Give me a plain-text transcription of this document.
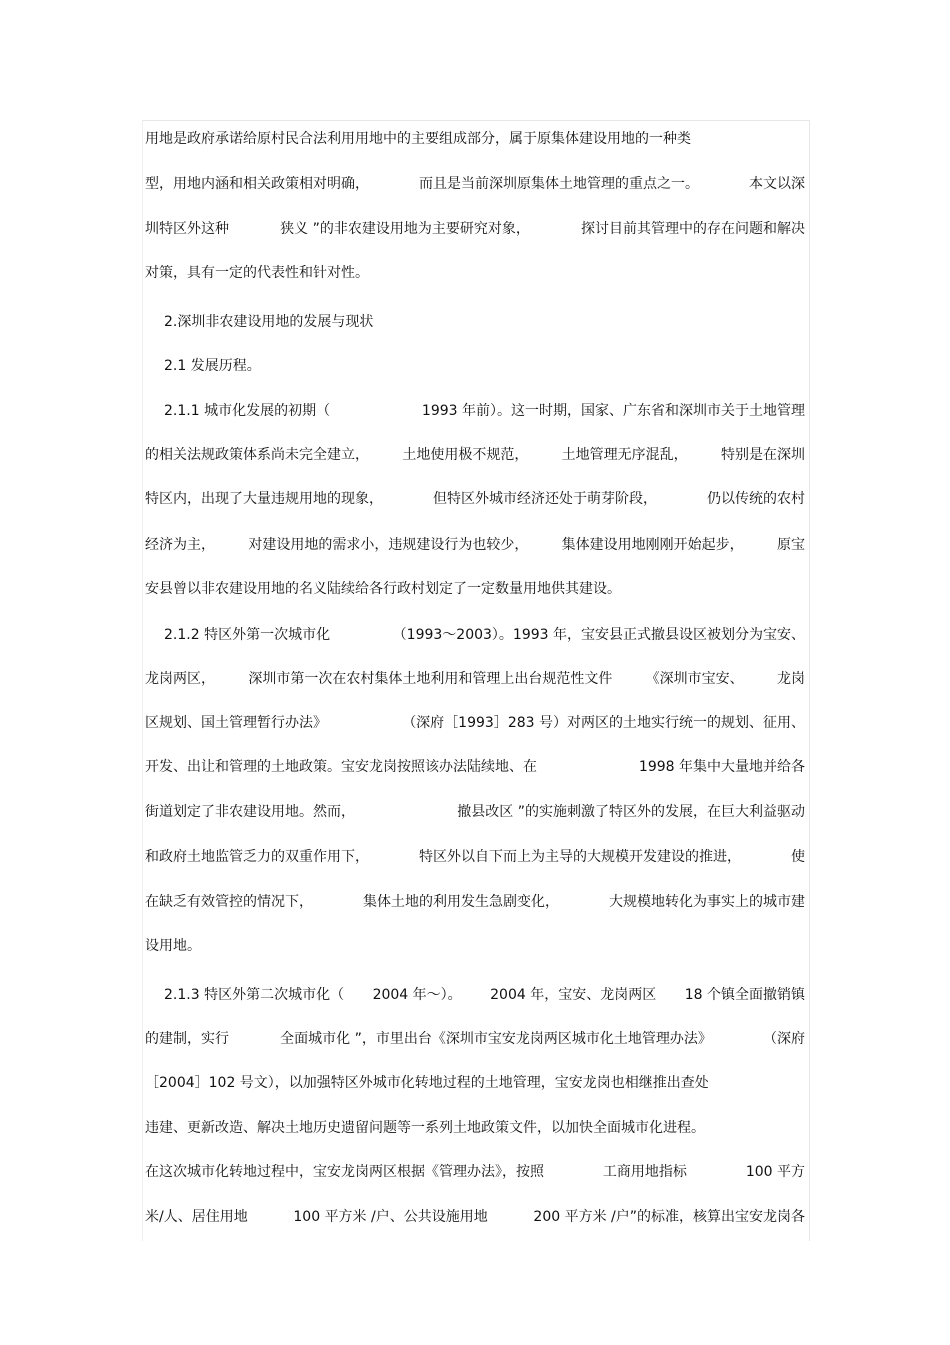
用地是政府承诺给原村民合法利用用地中的主要组成部分，属于原集体建设用地的一种类
型，用地内涵和相关政策相对明确，	而且是当前深圳原集体土地管理的重点之一。	本文以深
圳特区外这种	狭义 ”的非农建设用地为主要研究对象，	探讨目前其管理中的存在问题和解决
对策，具有一定的代表性和针对性。
2.深圳非农建设用地的发展与现状
2.1 发展历程。
2.1.1 城市化发展的初期（	1993 年前）。这一时期，国家、广东省和深圳市关于土地管理
的相关法规政策体系尚未完全建立， 土地使用极不规范， 土地管理无序混乱， 特别是在深圳
特区内，出现了大量违规用地的现象，	但特区外城市经济还处于萌芽阶段，	仍以传统的农村
经济为主， 对建设用地的需求小，违规建设行为也较少， 集体建设用地刚刚开始起步， 原宝
安县曾以非农建设用地的名义陆续给各行政村划定了一定数量用地供其建设。
2.1.2 特区外第一次城市化	（1993～2003）。1993 年，宝安县正式撤县设区被划分为宝安、
龙岗两区， 深圳市第一次在农村集体土地利用和管理上出台规范性文件 《深圳市宝安、 龙岗
区规划、国土管理暂行办法》	（深府［1993］283 号）对两区的土地实行统一的规划、征用、
开发、出让和管理的土地政策。宝安龙岗按照该办法陆续地、在	1998 年集中大量地并给各
街道划定了非农建设用地。然而，	撤县改区 ”的实施刺激了特区外的发展，在巨大利益驱动
和政府土地监管乏力的双重作用下，	特区外以自下而上为主导的大规模开发建设的推进，	使
在缺乏有效管控的情况下，	集体土地的利用发生急剧变化，	大规模地转化为事实上的城市建
设用地。
2.1.3 特区外第二次城市化（ 2004 年～）。 2004 年，宝安、龙岗两区 18 个镇全面撤销镇
的建制，实行	全面城市化 ”，市里出台《深圳市宝安龙岗两区城市化土地管理办法》	（深府
［2004］102 号文），以加强特区外城市化转地过程的土地管理，宝安龙岗也相继推出查处
违建、更新改造、解决土地历史遗留问题等一系列土地政策文件，以加快全面城市化进程。
在这次城市化转地过程中，宝安龙岗两区根据《管理办法》，按照	工商用地指标	100 平方
米/人、居住用地	100 平方米 /户、公共设施用地	200 平方米 /户”的标准，核算出宝安龙岗各
